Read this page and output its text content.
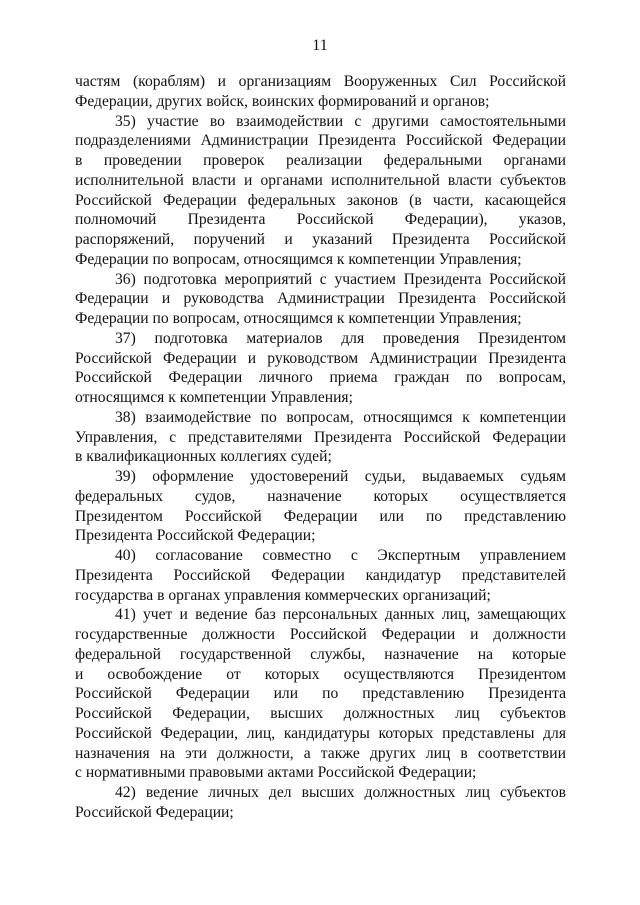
11
частям (кораблям) и организациям Вооруженных Сил Российской
Федерации, других войск, воинских формирований и органов;
35) участие во взаимодействии с другими самостоятельными
подразделениями Администрации Президента Российской Федерации
в проведении проверок реализации федеральными органами
исполнительной власти и органами исполнительной власти субъектов
Российской Федерации федеральных законов (в части, касающейся
полномочий Президента Российской Федерации), указов,
распоряжений, поручений и указаний Президента Российской
Федерации по вопросам, относящимся к компетенции Управления;
36) подготовка мероприятий с участием Президента Российской
Федерации и руководства Администрации Президента Российской
Федерации по вопросам, относящимся к компетенции Управления;
37) подготовка материалов для проведения Президентом
Российской Федерации и руководством Администрации Президента
Российской Федерации личного приема граждан по вопросам,
относящимся к компетенции Управления;
38) взаимодействие по вопросам, относящимся к компетенции
Управления, с представителями Президента Российской Федерации
в квалификационных коллегиях судей;
39) оформление удостоверений судьи, выдаваемых судьям
федеральных судов, назначение которых осуществляется
Президентом Российской Федерации или по представлению
Президента Российской Федерации;
40) согласование совместно с Экспертным управлением
Президента Российской Федерации кандидатур представителей
государства в органах управления коммерческих организаций;
41) учет и ведение баз персональных данных лиц, замещающих
государственные должности Российской Федерации и должности
федеральной государственной службы, назначение на которые
и освобождение от которых осуществляются Президентом
Российской Федерации или по представлению Президента
Российской Федерации, высших должностных лиц субъектов
Российской Федерации, лиц, кандидатуры которых представлены для
назначения на эти должности, а также других лиц в соответствии
с нормативными правовыми актами Российской Федерации;
42) ведение личных дел высших должностных лиц субъектов
Российской Федерации;
